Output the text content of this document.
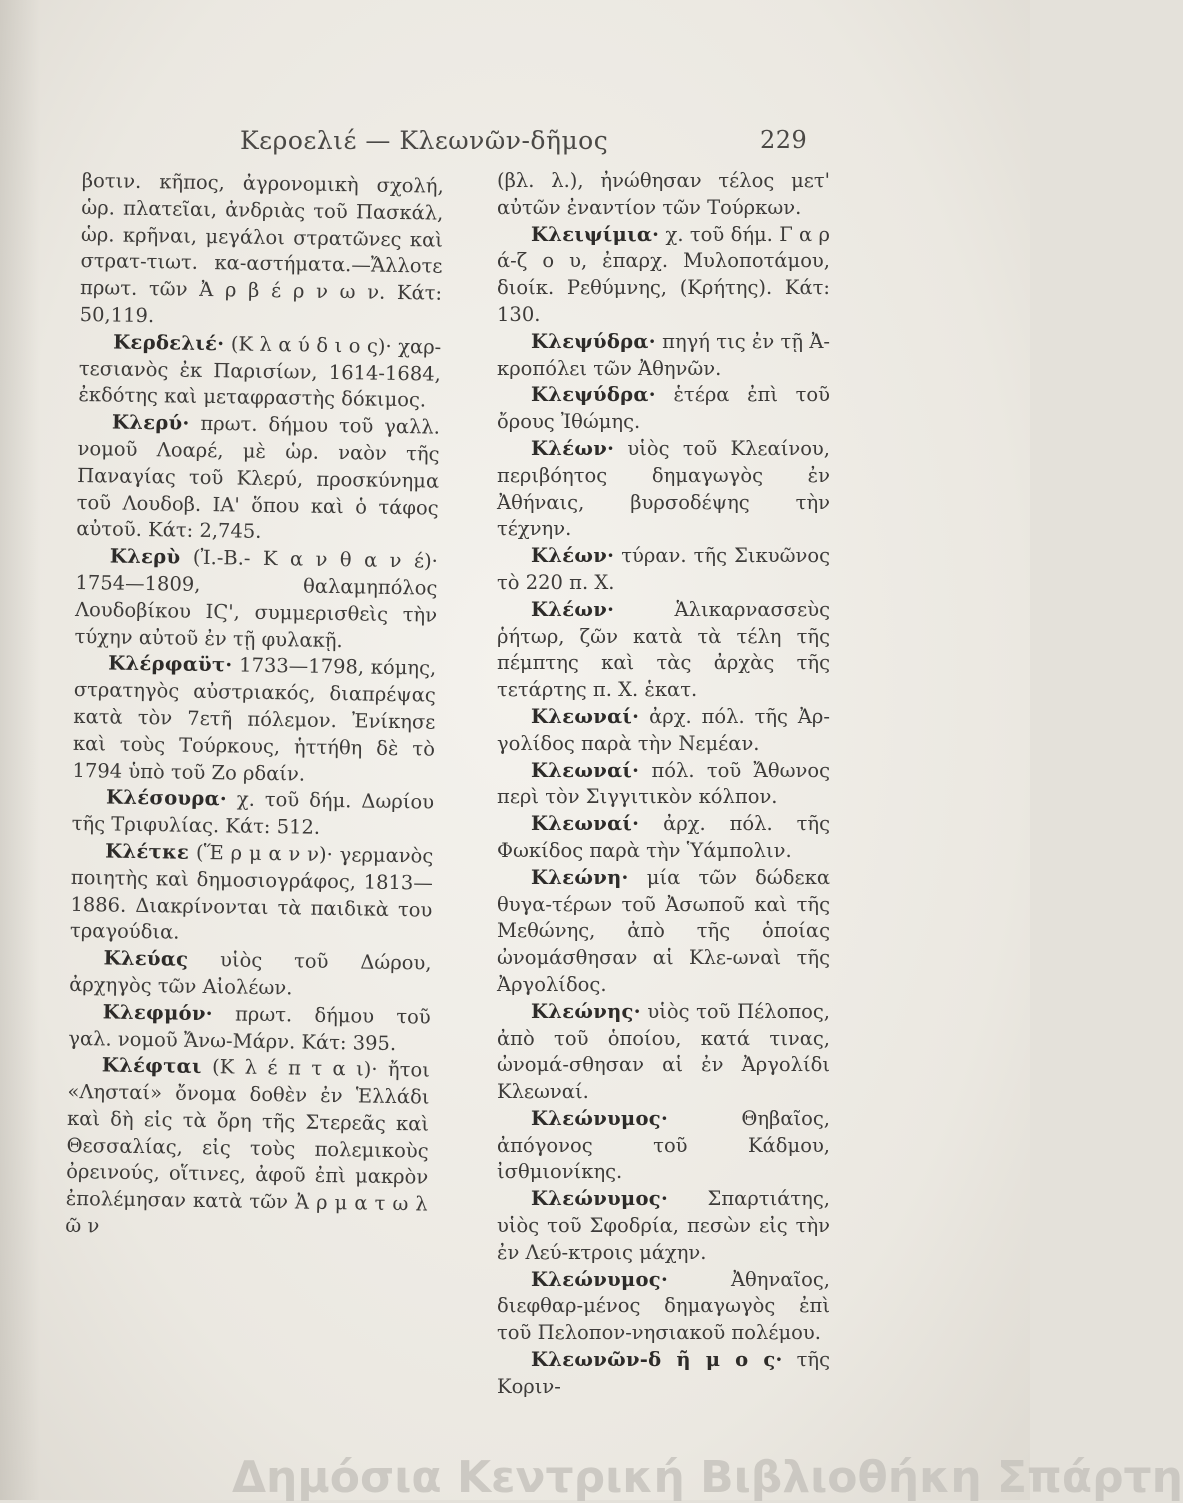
Κεροελιέ — Κλεωνῶν-δῆμος	229

βοτιν. κῆπος, ἀγρονομικὴ σχολή, ὡρ. πλατεῖαι, ἀνδριὰς τοῦ Πασκάλ, ὡρ. κρῆναι, μεγάλοι στρατῶνες καὶ στρατ-τιωτ. κα-αστήματα.—Ἄλλοτε πρωτ. τῶν Ἀ ρ β έ ρ ν ω ν. Κάτ: 50,119.

Κερδελιέ· (Κ λ α ύ δ ι ο ς)· χαρ-τεσιανὸς ἐκ Παρισίων, 1614-1684, ἐκδότης καὶ μεταφραστὴς δόκιμος.

Κλερύ· πρωτ. δήμου τοῦ γαλλ. νομοῦ Λοαρέ, μὲ ὡρ. ναὸν τῆς Παναγίας τοῦ Κλερύ, προσκύνημα τοῦ Λουδοβ. ΙΑ' ὅπου καὶ ὁ τάφος αὐτοῦ. Κάτ: 2,745.

Κλερὺ (Ἰ.-Β.- Κ α ν θ α ν έ)· 1754—1809, θαλαμηπόλος Λουδοβίκου ΙϚ', συμμερισθεὶς τὴν τύχην αὐτοῦ ἐν τῇ φυλακῇ.

Κλέρφαϋτ· 1733—1798, κόμης, στρατηγὸς αὐστριακός, διαπρέψας κατὰ τὸν 7ετῆ πόλεμον. Ἐνίκησε καὶ τοὺς Τούρκους, ἡττήθη δὲ τὸ 1794 ὑπὸ τοῦ Ζο ρδαίν.

Κλέσουρα· χ. τοῦ δήμ. Δωρίου τῆς Τριφυλίας. Κάτ: 512.

Κλέτκε (Ἕ ρ μ α ν ν)· γερμανὸς ποιητὴς καὶ δημοσιογράφος, 1813—1886. Διακρίνονται τὰ παιδικὰ του τραγούδια.

Κλεύας υἱὸς τοῦ Δώρου, ἀρχηγὸς τῶν Αἰολέων.

Κλεφμόν· πρωτ. δήμου τοῦ γαλ. νομοῦ Ἄνω-Μάρν. Κάτ: 395.

Κλέφται (Κ λ έ π τ α ι)· ἤτοι «Λησταί» ὄνομα δοθὲν ἐν Ἑλλάδι καὶ δὴ εἰς τὰ ὄρη τῆς Στερεᾶς καὶ Θεσσαλίας, εἰς τοὺς πολεμικοὺς ὀρεινούς, οἵτινες, ἀφοῦ ἐπὶ μακρὸν ἐπολέμησαν κατὰ τῶν Ἀ ρ μ α τ ω λ ῶ ν

(βλ. λ.), ἠνώθησαν τέλος μετ' αὐτῶν ἐναντίον τῶν Τούρκων.

Κλειψίμια· χ. τοῦ δήμ. Γ α ρ ά-ζ ο υ, ἐπαρχ. Μυλοποτάμου, διοίκ. Ρεθύμνης, (Κρήτης). Κάτ: 130.

Κλεψύδρα· πηγή τις ἐν τῇ Ἀ-κροπόλει τῶν Ἀθηνῶν.

Κλεψύδρα· ἑτέρα ἐπὶ τοῦ ὄρους Ἰθώμης.

Κλέων· υἱὸς τοῦ Κλεαίνου, περιβόητος δημαγωγὸς ἐν Ἀθήναις, βυρσοδέψης τὴν τέχνην.

Κλέων· τύραν. τῆς Σικυῶνος τὸ 220 π. Χ.

Κλέων· Ἁλικαρνασσεὺς ῥήτωρ, ζῶν κατὰ τὰ τέλη τῆς πέμπτης καὶ τὰς ἀρχὰς τῆς τετάρτης π. Χ. ἑκατ.

Κλεωναί· ἀρχ. πόλ. τῆς Ἀρ-γολίδος παρὰ τὴν Νεμέαν.

Κλεωναί· πόλ. τοῦ Ἄθωνος περὶ τὸν Σιγγιτικὸν κόλπον.

Κλεωναί· ἀρχ. πόλ. τῆς Φωκίδος παρὰ τὴν Ὑάμπολιν.

Κλεώνη· μία τῶν δώδεκα θυγα-τέρων τοῦ Ἀσωποῦ καὶ τῆς Μεθώνης, ἀπὸ τῆς ὁποίας ὠνομάσθησαν αἱ Κλε-ωναὶ τῆς Ἀργολίδος.

Κλεώνης· υἱὸς τοῦ Πέλοπος, ἀπὸ τοῦ ὁποίου, κατά τινας, ὠνομά-σθησαν αἱ ἐν Ἀργολίδι Κλεωναί.

Κλεώνυμος· Θηβαῖος, ἀπόγονος τοῦ Κάδμου, ἰσθμιονίκης.

Κλεώνυμος· Σπαρτιάτης, υἱὸς τοῦ Σφοδρία, πεσὼν εἰς τὴν ἐν Λεύ-κτροις μάχην.

Κλεώνυμος· Ἀθηναῖος, διεφθαρ-μένος δημαγωγὸς ἐπὶ τοῦ Πελοπον-νησιακοῦ πολέμου.

Κλεωνῶν-δ ῆ μ ο ς· τῆς Κοριν-

Δημόσια Κεντρική Βιβλιοθήκη Σπάρτη
